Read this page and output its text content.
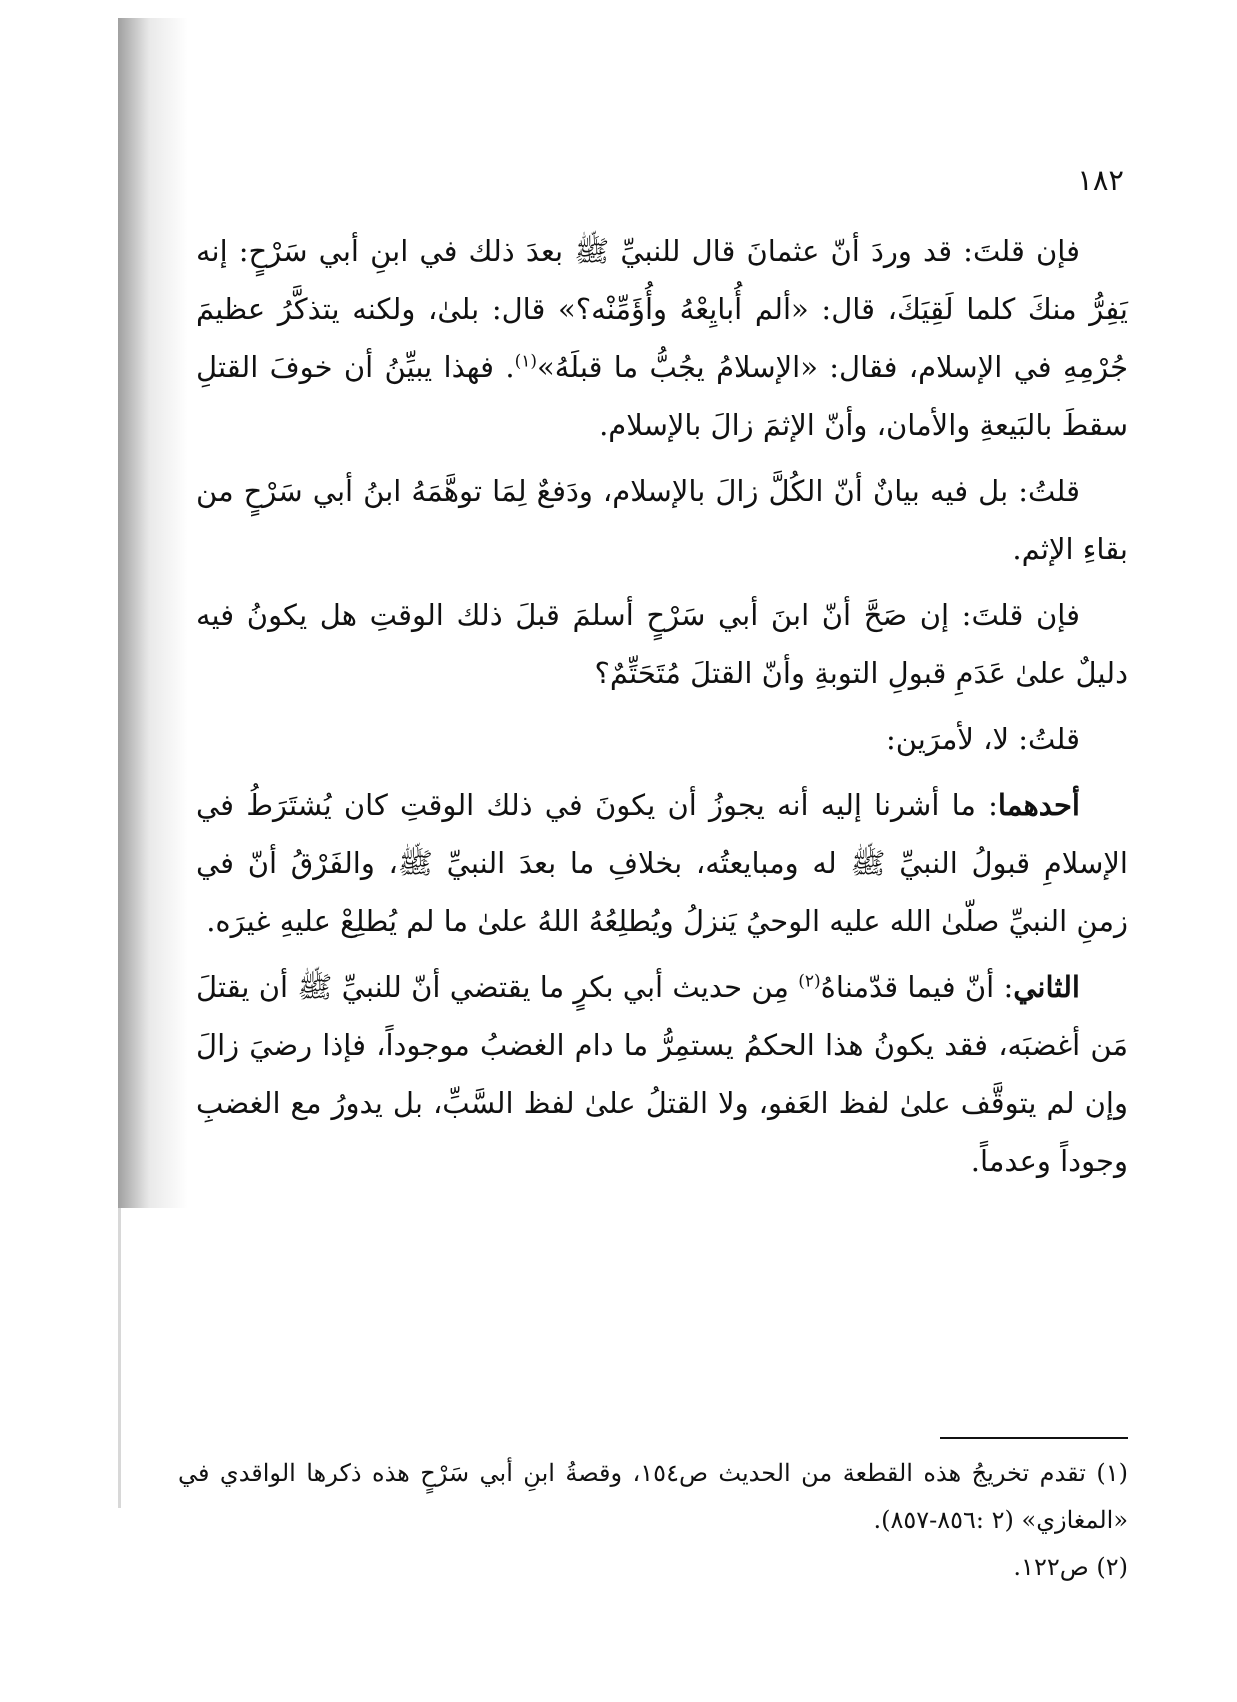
١٨٢

فإن قلتَ: قد وردَ أنّ عثمانَ قال للنبيِّ ﷺ بعدَ ذلك في ابنِ أبي سَرْحٍ: إنه يَفِرُّ منكَ كلما لَقِيَكَ، قال: «ألم أُبايِعْهُ وأُؤَمِّنْه؟» قال: بلىٰ، ولكنه يتذكَّرُ عظيمَ جُرْمِهِ في الإسلام، فقال: «الإسلامُ يجُبُّ ما قبلَهُ»$^{(١)}$. فهذا يبيِّنُ أن خوفَ القتلِ سقطَ بالبَيعةِ والأمان، وأنّ الإثمَ زالَ بالإسلام.

قلتُ: بل فيه بيانٌ أنّ الكُلَّ زالَ بالإسلام، ودَفعٌ لِمَا توهَّمَهُ ابنُ أبي سَرْحٍ من بقاءِ الإثم.

فإن قلتَ: إن صَحَّ أنّ ابنَ أبي سَرْحٍ أسلمَ قبلَ ذلك الوقتِ هل يكونُ فيه دليلٌ علىٰ عَدَمِ قبولِ التوبةِ وأنّ القتلَ مُتَحَتِّمٌ؟

قلتُ: لا، لأمرَين:

أحدهما: ما أشرنا إليه أنه يجوزُ أن يكونَ في ذلك الوقتِ كان يُشتَرَطُ في الإسلامِ قبولُ النبيِّ ﷺ له ومبايعتُه، بخلافِ ما بعدَ النبيِّ ﷺ، والفَرْقُ أنّ في زمنِ النبيِّ صلّىٰ الله عليه الوحيُ يَنزلُ ويُطلِعُهُ اللهُ علىٰ ما لم يُطلِعْ عليهِ غيرَه.

الثاني: أنّ فيما قدّمناهُ$^{(٢)}$ مِن حديث أبي بكرٍ ما يقتضي أنّ للنبيِّ ﷺ أن يقتلَ مَن أغضبَه، فقد يكونُ هذا الحكمُ يستمِرُّ ما دام الغضبُ موجوداً، فإذا رضيَ زالَ وإن لم يتوقَّف علىٰ لفظ العَفو، ولا القتلُ علىٰ لفظ السَّبِّ، بل يدورُ مع الغضبِ وجوداً وعدماً.

(١) تقدم تخريجُ هذه القطعة من الحديث ص١٥٤، وقصةُ ابنِ أبي سَرْحٍ هذه ذكرها الواقدي في «المغازي» (٢ :٨٥٦-٨٥٧).

(٢) ص١٢٢.
